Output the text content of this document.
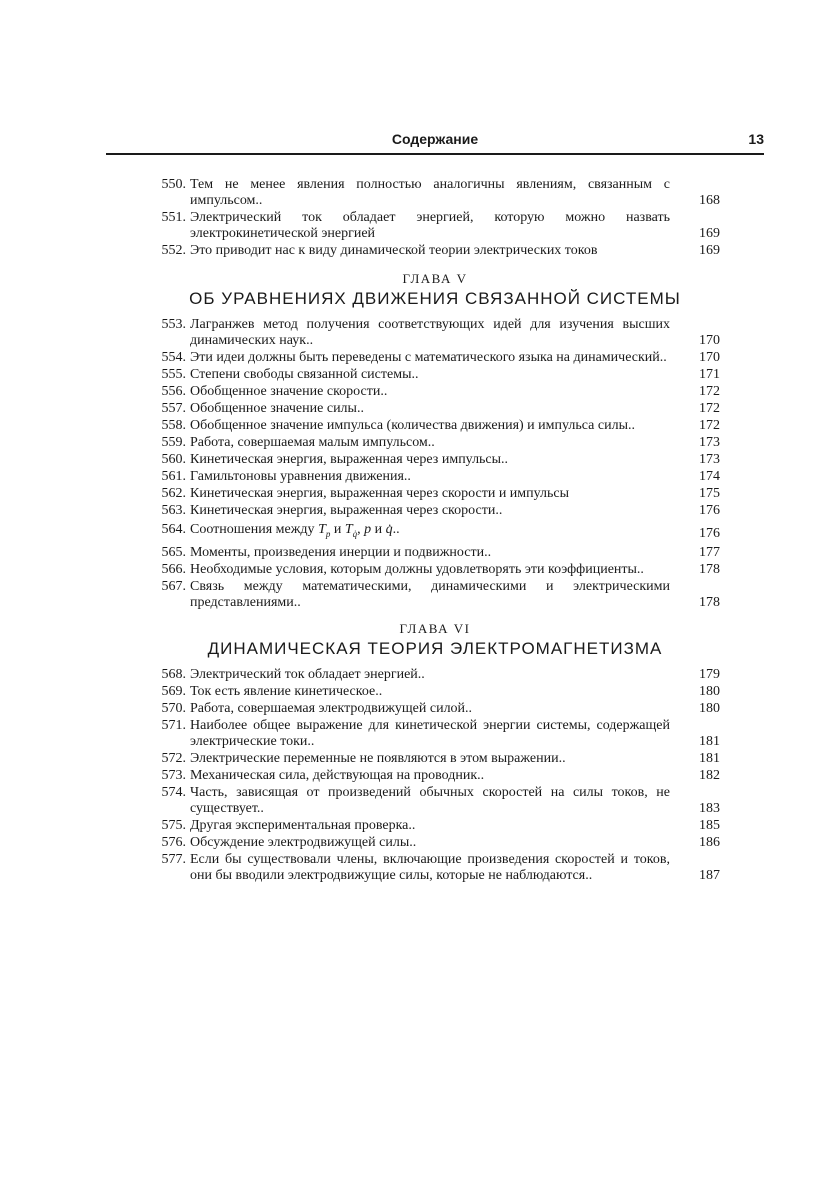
Содержание	13
550. Тем не менее явления полностью аналогичны явлениям, связанным с импульсом..	168
551. Электрический ток обладает энергией, которую можно назвать электрокинетической энергией	169
552. Это приводит нас к виду динамической теории электрических токов	169
ГЛАВА V
ОБ УРАВНЕНИЯХ ДВИЖЕНИЯ СВЯЗАННОЙ СИСТЕМЫ
553. Лагранжев метод получения соответствующих идей для изучения высших динамических наук..	170
554. Эти идеи должны быть переведены с математического языка на динамический..	170
555. Степени свободы связанной системы..	171
556. Обобщенное значение скорости..	172
557. Обобщенное значение силы..	172
558. Обобщенное значение импульса (количества движения) и импульса силы..	172
559. Работа, совершаемая малым импульсом..	173
560. Кинетическая энергия, выраженная через импульсы..	173
561. Гамильтоновы уравнения движения..	174
562. Кинетическая энергия, выраженная через скорости и импульсы	175
563. Кинетическая энергия, выраженная через скорости..	176
564. Соотношения между $T_p$ и $T_{q̇}$, p и q̇..	176
565. Моменты, произведения инерции и подвижности..	177
566. Необходимые условия, которым должны удовлетворять эти коэффициенты..	178
567. Связь между математическими, динамическими и электрическими представлениями..	178
ГЛАВА VI
ДИНАМИЧЕСКАЯ ТЕОРИЯ ЭЛЕКТРОМАГНЕТИЗМА
568. Электрический ток обладает энергией..	179
569. Ток есть явление кинетическое..	180
570. Работа, совершаемая электродвижущей силой..	180
571. Наиболее общее выражение для кинетической энергии системы, содержащей электрические токи..	181
572. Электрические переменные не появляются в этом выражении..	181
573. Механическая сила, действующая на проводник..	182
574. Часть, зависящая от произведений обычных скоростей на силы токов, не существует..	183
575. Другая экспериментальная проверка..	185
576. Обсуждение электродвижущей силы..	186
577. Если бы существовали члены, включающие произведения скоростей и токов, они бы вводили электродвижущие силы, которые не наблюдаются..	187
